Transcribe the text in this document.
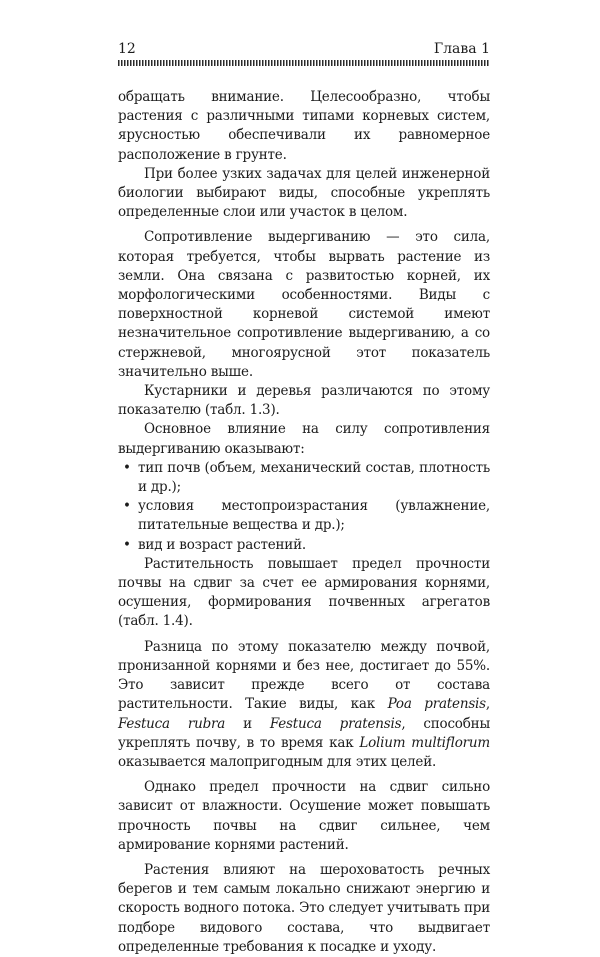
12	Глава 1

обращать внимание. Целесообразно, чтобы растения с различными типами корневых систем, ярусностью обеспечивали их равномерное расположение в грунте.

При более узких задачах для целей инженерной биологии выбирают виды, способные укреплять определенные слои или участок в целом.

Сопротивление выдергиванию — это сила, которая требуется, чтобы вырвать растение из земли. Она связана с развитостью корней, их морфологическими особенностями. Виды с поверхностной корневой системой имеют незначительное сопротивление выдергиванию, а со стержневой, многоярусной этот показатель значительно выше.

Кустарники и деревья различаются по этому показателю (табл. 1.3).

Основное влияние на силу сопротивления выдергиванию оказывают:

• тип почв (объем, механический состав, плотность и др.);
• условия местопроизрастания (увлажнение, питательные вещества и др.);
• вид и возраст растений.

Растительность повышает предел прочности почвы на сдвиг за счет ее армирования корнями, осушения, формирования почвенных агрегатов (табл. 1.4).

Разница по этому показателю между почвой, пронизанной корнями и без нее, достигает до 55%. Это зависит прежде всего от состава растительности. Такие виды, как Poa pratensis, Festuca rubra и Festuca pratensis, способны укреплять почву, в то время как Lolium multiflorum оказывается малопригодным для этих целей.

Однако предел прочности на сдвиг сильно зависит от влажности. Осушение может повышать прочность почвы на сдвиг сильнее, чем армирование корнями растений.

Растения влияют на шероховатость речных берегов и тем самым локально снижают энергию и скорость водного потока. Это следует учитывать при подборе видового состава, что выдвигает определенные требования к посадке и уходу.
